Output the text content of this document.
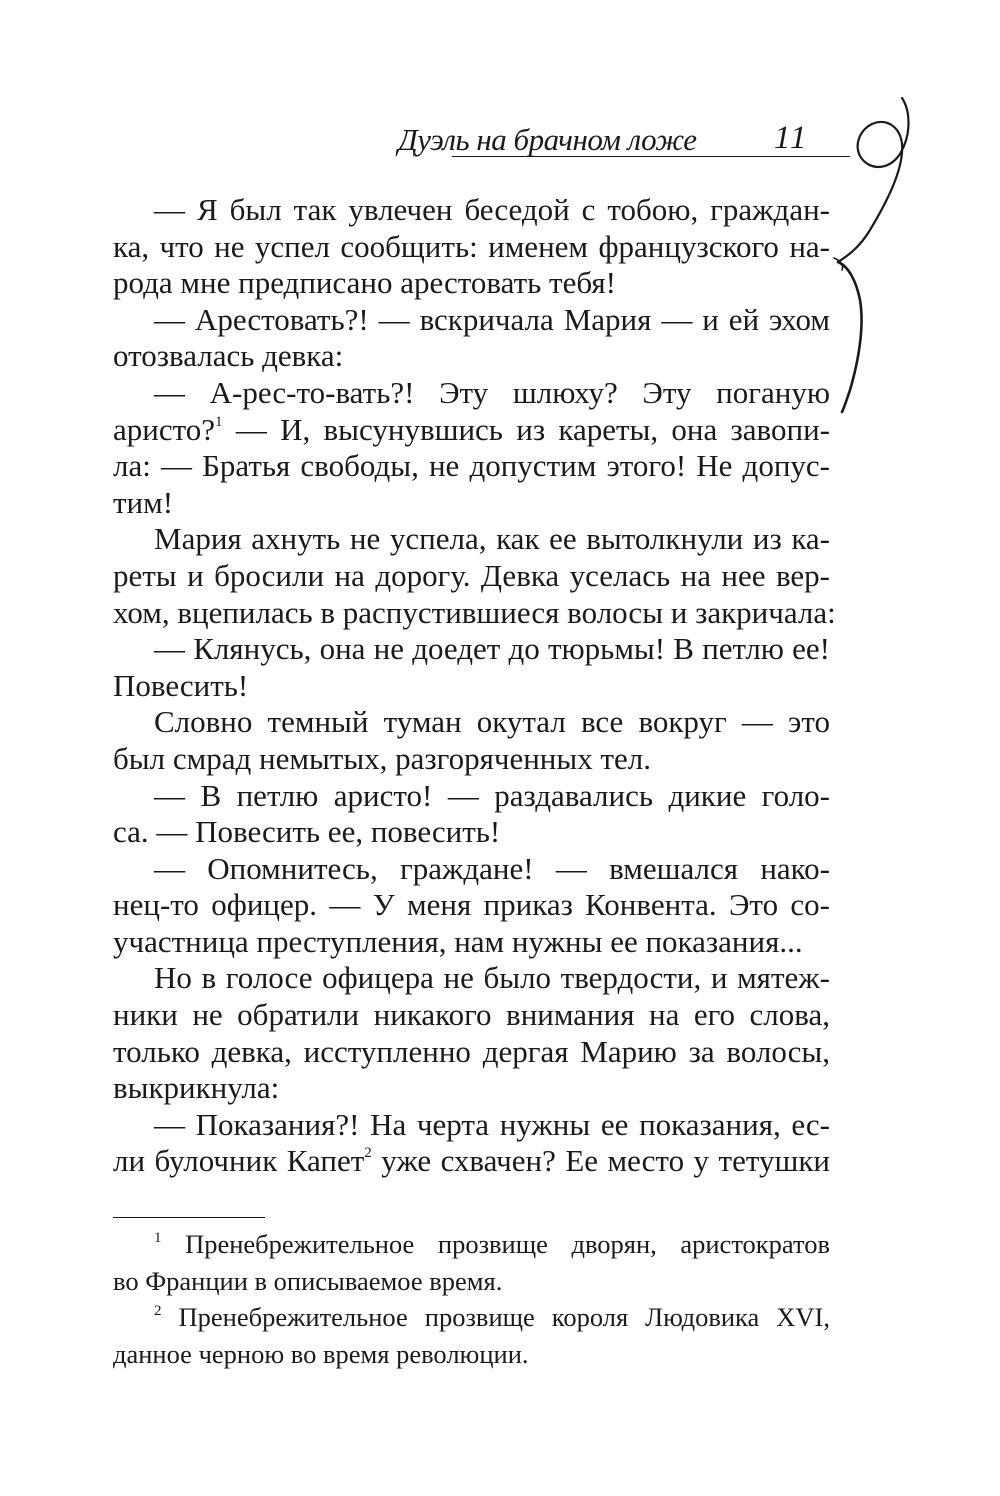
Дуэль на брачном ложе 11
— Я был так увлечен беседой с тобою, граждан-
ка, что не успел сообщить: именем французского на-
рода мне предписано арестовать тебя!
— Арестовать?! — вскричала Мария — и ей эхом
отозвалась девка:
— А-рес-то-вать?! Эту шлюху? Эту поганую
аристо?$^1$ — И, высунувшись из кареты, она завопи-
ла: — Братья свободы, не допустим этого! Не допус-
тим!
Мария ахнуть не успела, как ее вытолкнули из ка-
реты и бросили на дорогу. Девка уселась на нее вер-
хом, вцепилась в распустившиеся волосы и закричала:
— Клянусь, она не доедет до тюрьмы! В петлю ее!
Повесить!
Словно темный туман окутал все вокруг — это
был смрад немытых, разгоряченных тел.
— В петлю аристо! — раздавались дикие голо-
са. — Повесить ее, повесить!
— Опомнитесь, граждане! — вмешался нако-
нец-то офицер. — У меня приказ Конвента. Это со-
участница преступления, нам нужны ее показания...
Но в голосе офицера не было твердости, и мятеж-
ники не обратили никакого внимания на его слова,
только девка, исступленно дергая Марию за волосы,
выкрикнула:
— Показания?! На черта нужны ее показания, ес-
ли булочник Капет$^2$ уже схвачен? Ее место у тетушки
$^1$ Пренебрежительное прозвище дворян, аристократов
во Франции в описываемое время.
$^2$ Пренебрежительное прозвище короля Людовика XVI,
данное черною во время революции.
